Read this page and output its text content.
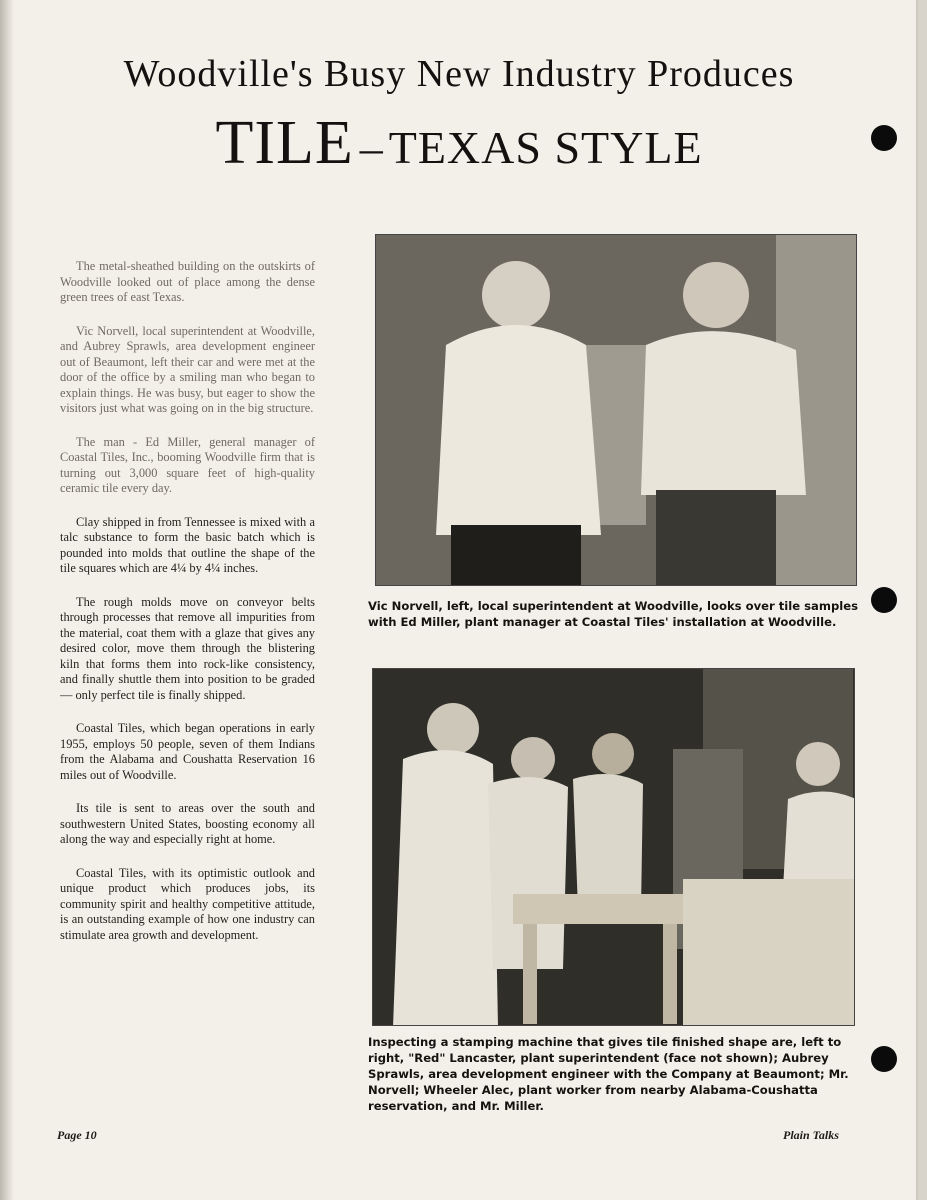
Woodville's Busy New Industry Produces
TILE – TEXAS STYLE

The metal-sheathed building on the outskirts of Woodville looked out of place among the dense green trees of east Texas.

Vic Norvell, local superintendent at Woodville, and Aubrey Sprawls, area development engineer out of Beaumont, left their car and were met at the door of the office by a smiling man who began to explain things. He was busy, but eager to show the visitors just what was going on in the big structure.

The man - Ed Miller, general manager of Coastal Tiles, Inc., booming Woodville firm that is turning out 3,000 square feet of high-quality ceramic tile every day.

Clay shipped in from Tennessee is mixed with a talc substance to form the basic batch which is pounded into molds that outline the shape of the tile squares which are 4¼ by 4¼ inches.

The rough molds move on conveyor belts through processes that remove all impurities from the material, coat them with a glaze that gives any desired color, move them through the blistering kiln that forms them into rock-like consistency, and finally shuttle them into position to be graded— only perfect tile is finally shipped.

Coastal Tiles, which began operations in early 1955, employs 50 people, seven of them Indians from the Alabama and Coushatta Reservation 16 miles out of Woodville.

Its tile is sent to areas over the south and southwestern United States, boosting economy all along the way and especially right at home.

Coastal Tiles, with its optimistic outlook and unique product which produces jobs, its community spirit and healthy competitive attitude, is an outstanding example of how one industry can stimulate area growth and development.

Vic Norvell, left, local superintendent at Woodville, looks over tile samples with Ed Miller, plant manager at Coastal Tiles' installation at Woodville.
Inspecting a stamping machine that gives tile finished shape are, left to right, "Red" Lancaster, plant superintendent (face not shown); Aubrey Sprawls, area development engineer with the Company at Beaumont; Mr. Norvell; Wheeler Alec, plant worker from nearby Alabama-Coushatta reservation, and Mr. Miller.
Page 10	Plain Talks
